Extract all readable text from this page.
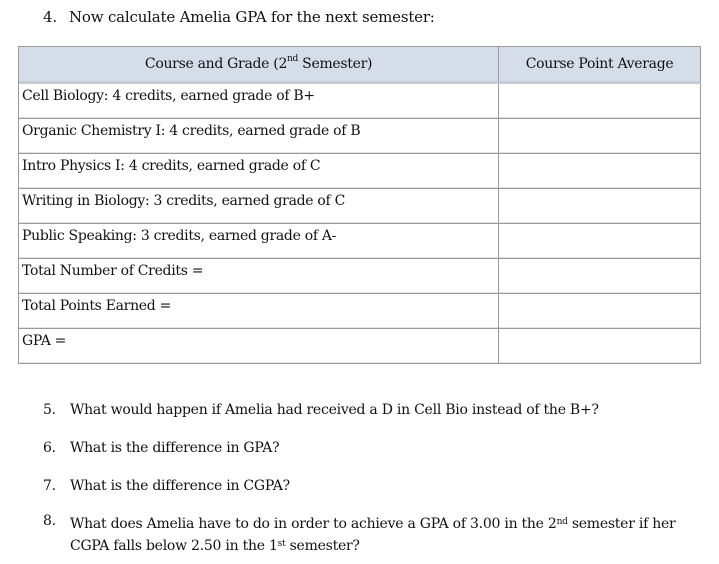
4. Now calculate Amelia GPA for the next semester:
Course and Grade (2nd Semester)	Course Point Average
Cell Biology: 4 credits, earned grade of B+	
Organic Chemistry I: 4 credits, earned grade of B	
Intro Physics I: 4 credits, earned grade of C	
Writing in Biology: 3 credits, earned grade of C	
Public Speaking: 3 credits, earned grade of A-	
Total Number of Credits =	
Total Points Earned =	
GPA =	
5. What would happen if Amelia had received a D in Cell Bio instead of the B+?
6. What is the difference in GPA?
7. What is the difference in CGPA?
8. What does Amelia have to do in order to achieve a GPA of 3.00 in the 2nd semester if her CGPA falls below 2.50 in the 1st semester?
